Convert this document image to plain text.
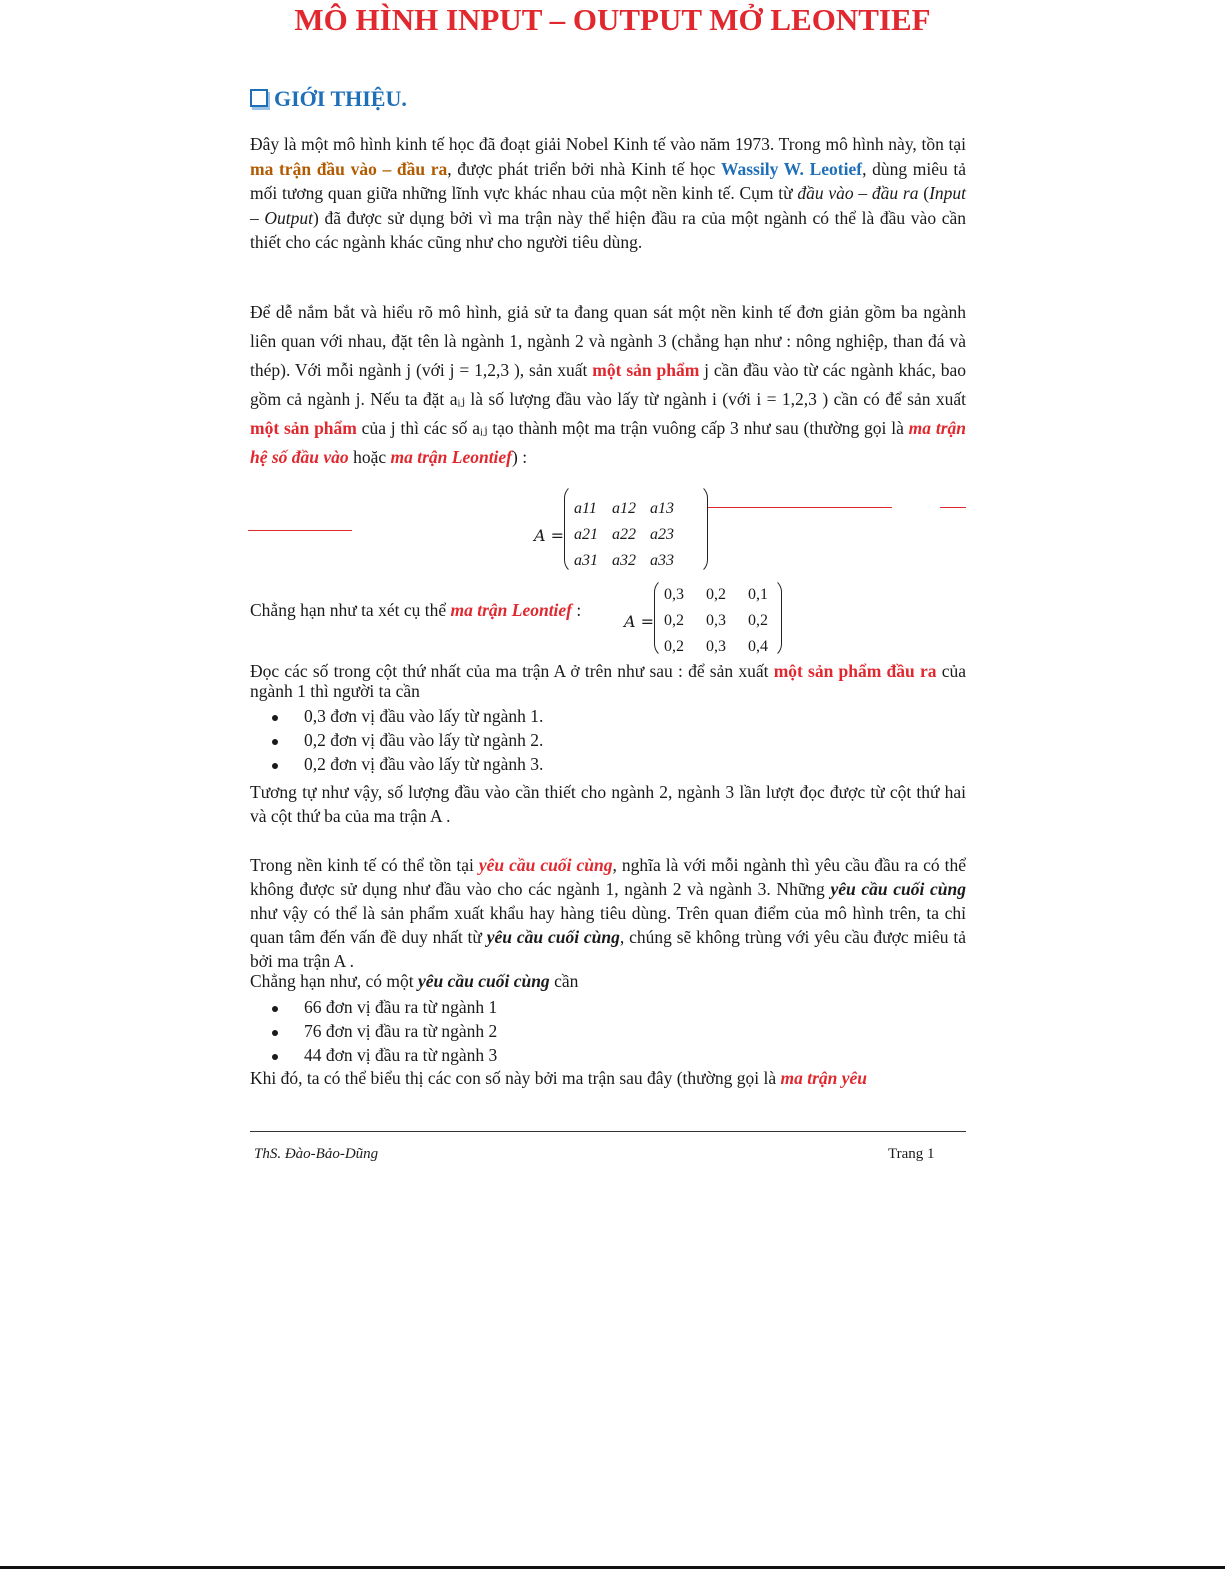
MÔ HÌNH INPUT – OUTPUT MỞ LEONTIEF
GIỚI THIỆU.
Đây là một mô hình kinh tế học đã đoạt giải Nobel Kinh tế vào năm 1973. Trong mô hình này, tồn tại ma trận đầu vào – đầu ra, được phát triển bởi nhà Kinh tế học Wassily W. Leotief, dùng miêu tả mối tương quan giữa những lĩnh vực khác nhau của một nền kinh tế. Cụm từ đầu vào – đầu ra (Input – Output) đã được sử dụng bởi vì ma trận này thể hiện đầu ra của một ngành có thể là đầu vào cần thiết cho các ngành khác cũng như cho người tiêu dùng.
Để dễ nắm bắt và hiểu rõ mô hình, giả sử ta đang quan sát một nền kinh tế đơn giản gồm ba ngành liên quan với nhau, đặt tên là ngành 1, ngành 2 và ngành 3 (chẳng hạn như : nông nghiệp, than đá và thép). Với mỗi ngành j (với j = 1,2,3 ), sản xuất một sản phẩm j cần đầu vào từ các ngành khác, bao gồm cả ngành j. Nếu ta đặt aᵢⱼ là số lượng đầu vào lấy từ ngành i (với i = 1,2,3 ) cần có để sản xuất một sản phẩm của j thì các số aᵢⱼ tạo thành một ma trận vuông cấp 3 như sau (thường gọi là ma trận hệ số đầu vào hoặc ma trận Leontief) :
A =
a11 a12 a13
a21 a22 a23
a31 a32 a33
Chẳng hạn như ta xét cụ thể ma trận Leontief :
A =
0,3 0,2 0,1
0,2 0,3 0,2
0,2 0,3 0,4
Đọc các số trong cột thứ nhất của ma trận A ở trên như sau : để sản xuất một sản phẩm đầu ra của ngành 1 thì người ta cần
0,3 đơn vị đầu vào lấy từ ngành 1.
0,2 đơn vị đầu vào lấy từ ngành 2.
0,2 đơn vị đầu vào lấy từ ngành 3.
Tương tự như vậy, số lượng đầu vào cần thiết cho ngành 2, ngành 3 lần lượt đọc được từ cột thứ hai và cột thứ ba của ma trận A .
Trong nền kinh tế có thể tồn tại yêu cầu cuối cùng, nghĩa là với mỗi ngành thì yêu cầu đầu ra có thể không được sử dụng như đầu vào cho các ngành 1, ngành 2 và ngành 3. Những yêu cầu cuối cùng như vậy có thể là sản phẩm xuất khẩu hay hàng tiêu dùng. Trên quan điểm của mô hình trên, ta chỉ quan tâm đến vấn đề duy nhất từ yêu cầu cuối cùng, chúng sẽ không trùng với yêu cầu được miêu tả bởi ma trận A .
Chẳng hạn như, có một yêu cầu cuối cùng cần
66 đơn vị đầu ra từ ngành 1
76 đơn vị đầu ra từ ngành 2
44 đơn vị đầu ra từ ngành 3
Khi đó, ta có thể biểu thị các con số này bởi ma trận sau đây (thường gọi là ma trận yêu
ThS. Đào-Bảo-Dũng	Trang 1
